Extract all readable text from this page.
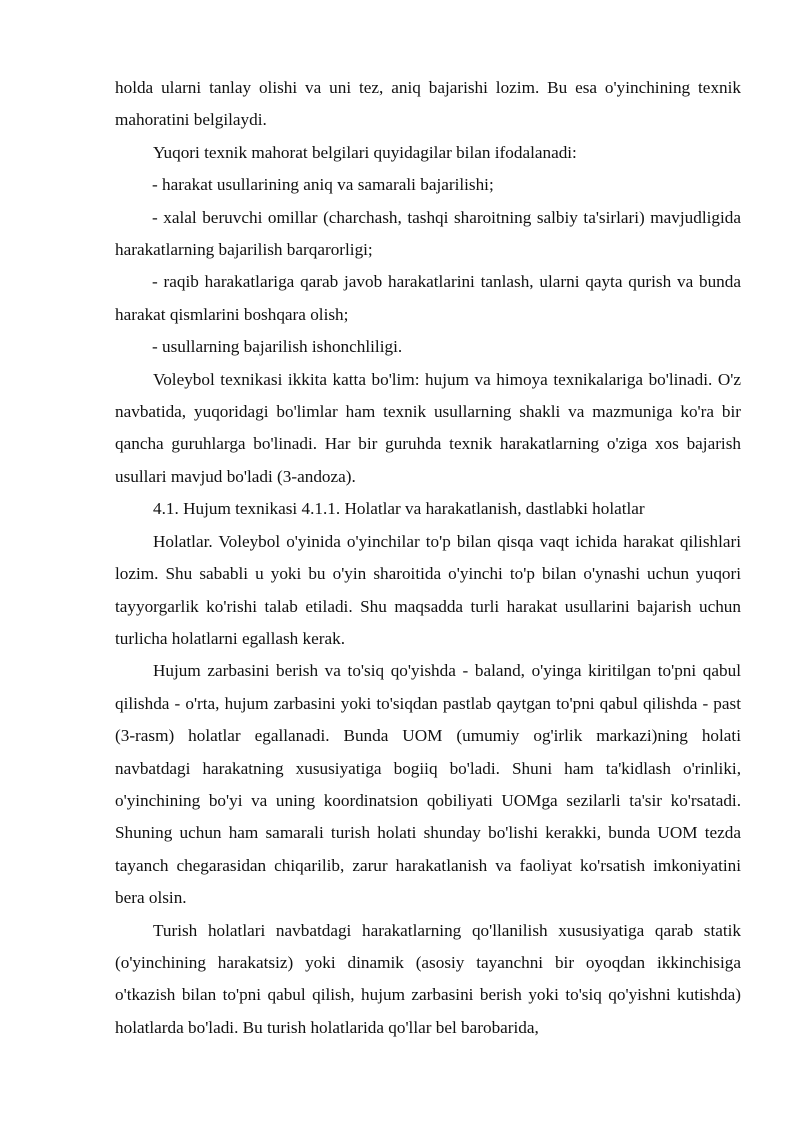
holda ularni tanlay olishi va uni tez, aniq bajarishi lozim. Bu esa o'yinchining texnik mahoratini belgilaydi.

Yuqori texnik mahorat belgilari quyidagilar bilan ifodalanadi:

- harakat usullarining aniq va samarali bajarilishi;

- xalal beruvchi omillar (charchash, tashqi sharoitning salbiy ta'sirlari) mavjudligida harakatlarning bajarilish barqarorligi;

- raqib harakatlariga qarab javob harakatlarini tanlash, ularni qayta qurish va bunda harakat qismlarini boshqara olish;

- usullarning bajarilish ishonchliligi.

Voleybol texnikasi ikkita katta bo'lim: hujum va himoya texnikalariga bo'linadi. O'z navbatida, yuqoridagi bo'limlar ham texnik usullarning shakli va mazmuniga ko'ra bir qancha guruhlarga bo'linadi. Har bir guruhda texnik harakatlarning o'ziga xos bajarish usullari mavjud bo'ladi (3-andoza).

4.1. Hujum texnikasi 4.1.1. Holatlar va harakatlanish, dastlabki holatlar

Holatlar. Voleybol o'yinida o'yinchilar to'p bilan qisqa vaqt ichida harakat qilishlari lozim. Shu sababli u yoki bu o'yin sharoitida o'yinchi to'p bilan o'ynashi uchun yuqori tayyorgarlik ko'rishi talab etiladi. Shu maqsadda turli harakat usullarini bajarish uchun turlicha holatlarni egallash kerak.

Hujum zarbasini berish va to'siq qo'yishda - baland, o'yinga kiritilgan to'pni qabul qilishda - o'rta, hujum zarbasini yoki to'siqdan pastlab qaytgan to'pni qabul qilishda - past (3-rasm) holatlar egallanadi. Bunda UOM (umumiy og'irlik markazi)ning holati navbatdagi harakatning xususiyatiga bogiiq bo'ladi. Shuni ham ta'kidlash o'rinliki, o'yinchining bo'yi va uning koordinatsion qobiliyati UOMga sezilarli ta'sir ko'rsatadi. Shuning uchun ham samarali turish holati shunday bo'lishi kerakki, bunda UOM tezda tayanch chegarasidan chiqarilib, zarur harakatlanish va faoliyat ko'rsatish imkoniyatini bera olsin.

Turish holatlari navbatdagi harakatlarning qo'llanilish xususiyatiga qarab statik (o'yinchining harakatsiz) yoki dinamik (asosiy tayanchni bir oyoqdan ikkinchisiga o'tkazish bilan to'pni qabul qilish, hujum zarbasini berish yoki to'siq qo'yishni kutishda) holatlarda bo'ladi. Bu turish holatlarida qo'llar bel barobarida,
